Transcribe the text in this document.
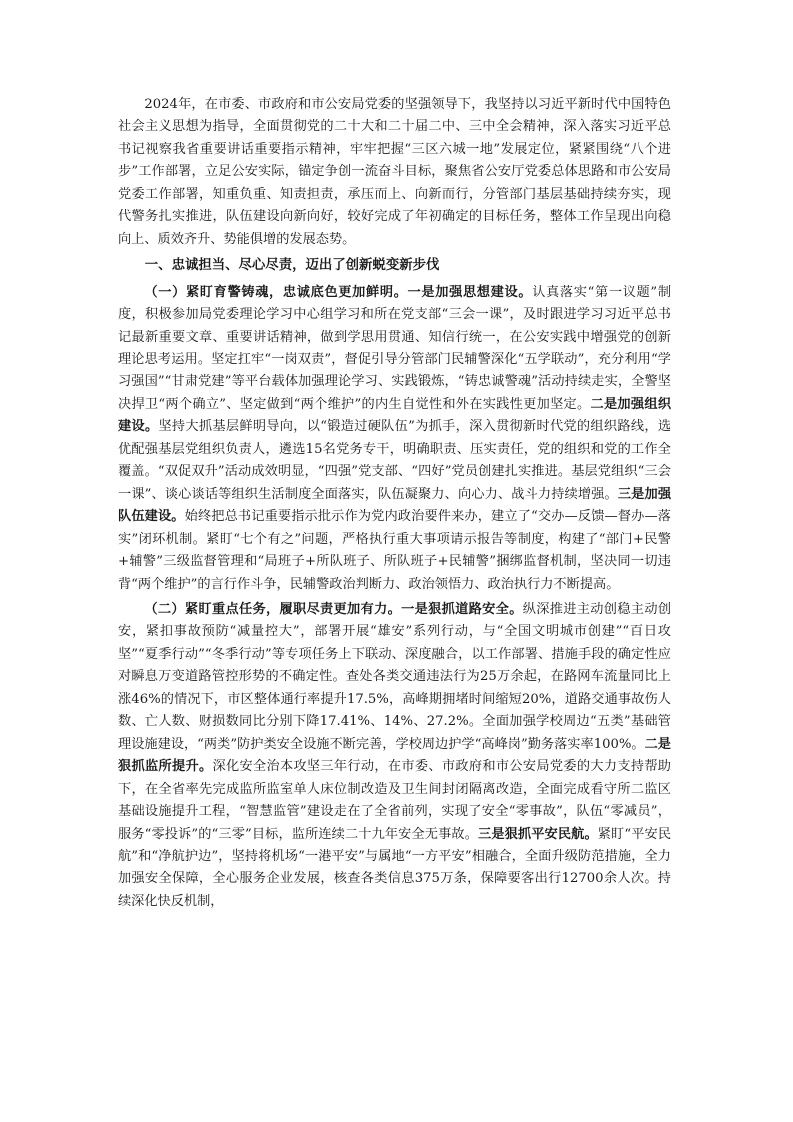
2024年，在市委、市政府和市公安局党委的坚强领导下，我坚持以习近平新时代中国特色社会主义思想为指导，全面贯彻党的二十大和二十届二中、三中全会精神，深入落实习近平总书记视察我省重要讲话重要指示精神，牢牢把握“三区六城一地”发展定位，紧紧围绕“八个进步”工作部署，立足公安实际，锚定争创一流奋斗目标，聚焦省公安厅党委总体思路和市公安局党委工作部署，知重负重、知责担责，承压而上、向新而行，分管部门基层基础持续夯实，现代警务扎实推进，队伍建设向新向好，较好完成了年初确定的目标任务，整体工作呈现出向稳向上、质效齐升、势能俱增的发展态势。

一、忠诚担当、尽心尽责，迈出了创新蜕变新步伐

（一）紧盯育警铸魂，忠诚底色更加鲜明。一是加强思想建设。认真落实“第一议题”制度，积极参加局党委理论学习中心组学习和所在党支部“三会一课”，及时跟进学习习近平总书记最新重要文章、重要讲话精神，做到学思用贯通、知信行统一，在公安实践中增强党的创新理论思考运用。坚定扛牢“一岗双责”，督促引导分管部门民辅警深化“五学联动”，充分利用“学习强国”“甘肃党建”等平台载体加强理论学习、实践锻炼，“铸忠诚警魂”活动持续走实，全警坚决捍卫“两个确立”、坚定做到“两个维护”的内生自觉性和外在实践性更加坚定。二是加强组织建设。坚持大抓基层鲜明导向，以“锻造过硬队伍”为抓手，深入贯彻新时代党的组织路线，选优配强基层党组织负责人，遴选15名党务专干，明确职责、压实责任，党的组织和党的工作全覆盖。“双促双升”活动成效明显，“四强”党支部、“四好”党员创建扎实推进。基层党组织“三会一课”、谈心谈话等组织生活制度全面落实，队伍凝聚力、向心力、战斗力持续增强。三是加强队伍建设。始终把总书记重要指示批示作为党内政治要件来办，建立了“交办—反馈—督办—落实”闭环机制。紧盯“七个有之”问题，严格执行重大事项请示报告等制度，构建了“部门+民警+辅警”三级监督管理和“局班子+所队班子、所队班子+民辅警”捆绑监督机制，坚决同一切违背“两个维护”的言行作斗争，民辅警政治判断力、政治领悟力、政治执行力不断提高。

（二）紧盯重点任务，履职尽责更加有力。一是狠抓道路安全。纵深推进主动创稳主动创安，紧扣事故预防“减量控大”，部署开展“雄安”系列行动，与“全国文明城市创建”“百日攻坚”“夏季行动”“冬季行动”等专项任务上下联动、深度融合，以工作部署、措施手段的确定性应对瞬息万变道路管控形势的不确定性。查处各类交通违法行为25万余起，在路网车流量同比上涨46%的情况下，市区整体通行率提升17.5%，高峰期拥堵时间缩短20%，道路交通事故伤人数、亡人数、财损数同比分别下降17.41%、14%、27.2%。全面加强学校周边“五类”基础管理设施建设，“两类”防护类安全设施不断完善，学校周边护学“高峰岗”勤务落实率100%。二是狠抓监所提升。深化安全治本攻坚三年行动，在市委、市政府和市公安局党委的大力支持帮助下，在全省率先完成监所监室单人床位制改造及卫生间封闭隔离改造，全面完成看守所二监区基础设施提升工程，“智慧监管”建设走在了全省前列，实现了安全“零事故”，队伍“零减员”，服务“零投诉”的“三零”目标，监所连续二十九年安全无事故。三是狠抓平安民航。紧盯“平安民航”和“净航护边”，坚持将机场“一港平安”与属地“一方平安”相融合，全面升级防范措施，全力加强安全保障，全心服务企业发展，核查各类信息375万条，保障要客出行12700余人次。持续深化快反机制，
